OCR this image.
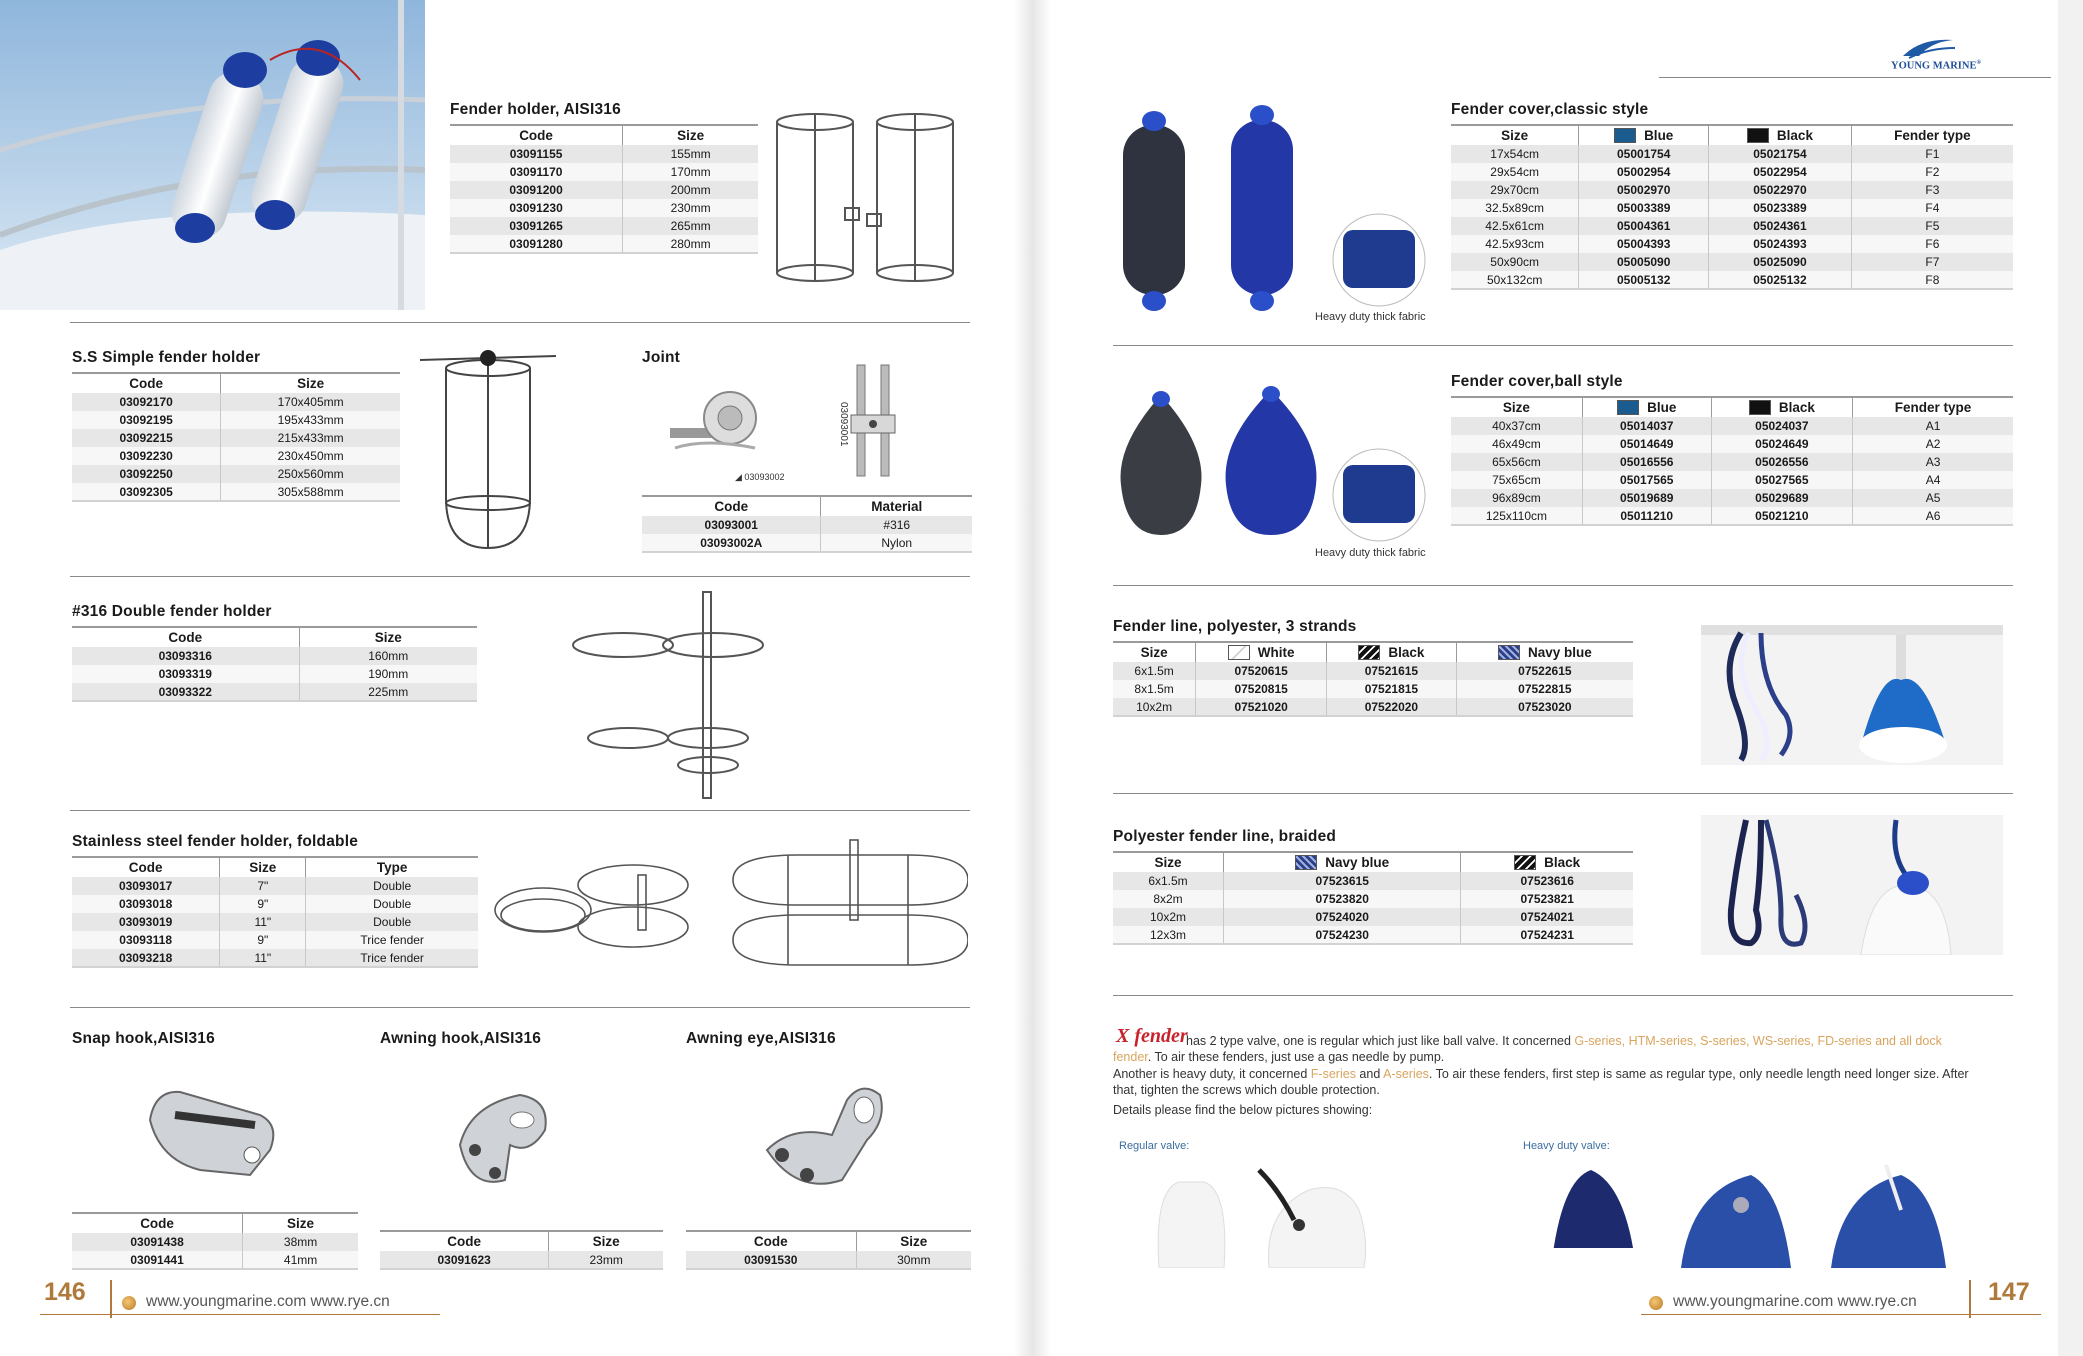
Fender holder, AISI316
Code	Size
03091155	155mm
03091170	170mm
03091200	200mm
03091230	230mm
03091265	265mm
03091280	280mm
S.S Simple fender holder
Code	Size
03092170	170x405mm
03092195	195x433mm
03092215	215x433mm
03092230	230x450mm
03092250	250x560mm
03092305	305x588mm
Joint
◢ 03093002
03093001
Code	Material
03093001	#316
03093002A	Nylon
#316 Double fender holder
Code	Size
03093316	160mm
03093319	190mm
03093322	225mm
Stainless steel fender holder, foldable
Code	Size	Type
03093017	7"	Double
03093018	9"	Double
03093019	11"	Double
03093118	9"	Trice fender
03093218	11"	Trice fender
Snap hook,AISI316
Code	Size
03091438	38mm
03091441	41mm
Awning hook,AISI316
Code	Size
03091623	23mm
Awning eye,AISI316
Code	Size
03091530	30mm
146	www.youngmarine.com www.rye.cn
YOUNG MARINE®
Heavy duty thick fabric
Fender cover,classic style
Size	Blue	Black	Fender type
17x54cm	05001754	05021754	F1
29x54cm	05002954	05022954	F2
29x70cm	05002970	05022970	F3
32.5x89cm	05003389	05023389	F4
42.5x61cm	05004361	05024361	F5
42.5x93cm	05004393	05024393	F6
50x90cm	05005090	05025090	F7
50x132cm	05005132	05025132	F8
Heavy duty thick fabric
Fender cover,ball style
Size	Blue	Black	Fender type
40x37cm	05014037	05024037	A1
46x49cm	05014649	05024649	A2
65x56cm	05016556	05026556	A3
75x65cm	05017565	05027565	A4
96x89cm	05019689	05029689	A5
125x110cm	05011210	05021210	A6
Fender line, polyester, 3 strands
Size	White	Black	Navy blue
6x1.5m	07520615	07521615	07522615
8x1.5m	07520815	07521815	07522815
10x2m	07521020	07522020	07523020
Polyester fender line, braided
Size	Navy blue	Black
6x1.5m	07523615	07523616
8x2m	07523820	07523821
10x2m	07524020	07524021
12x3m	07524230	07524231
X fender
has 2 type valve, one is regular which just like ball valve. It concerned G-series, HTM-series, S-series, WS-series, FD-series and all dock fender. To air these fenders, just use a gas needle by pump.
Another is heavy duty, it concerned F-series and A-series. To air these fenders, first step is same as regular type, only needle length need longer size. After that, tighten the screws which double protection.
Details please find the below pictures showing:
Regular valve:	Heavy duty valve:
www.youngmarine.com www.rye.cn	147
